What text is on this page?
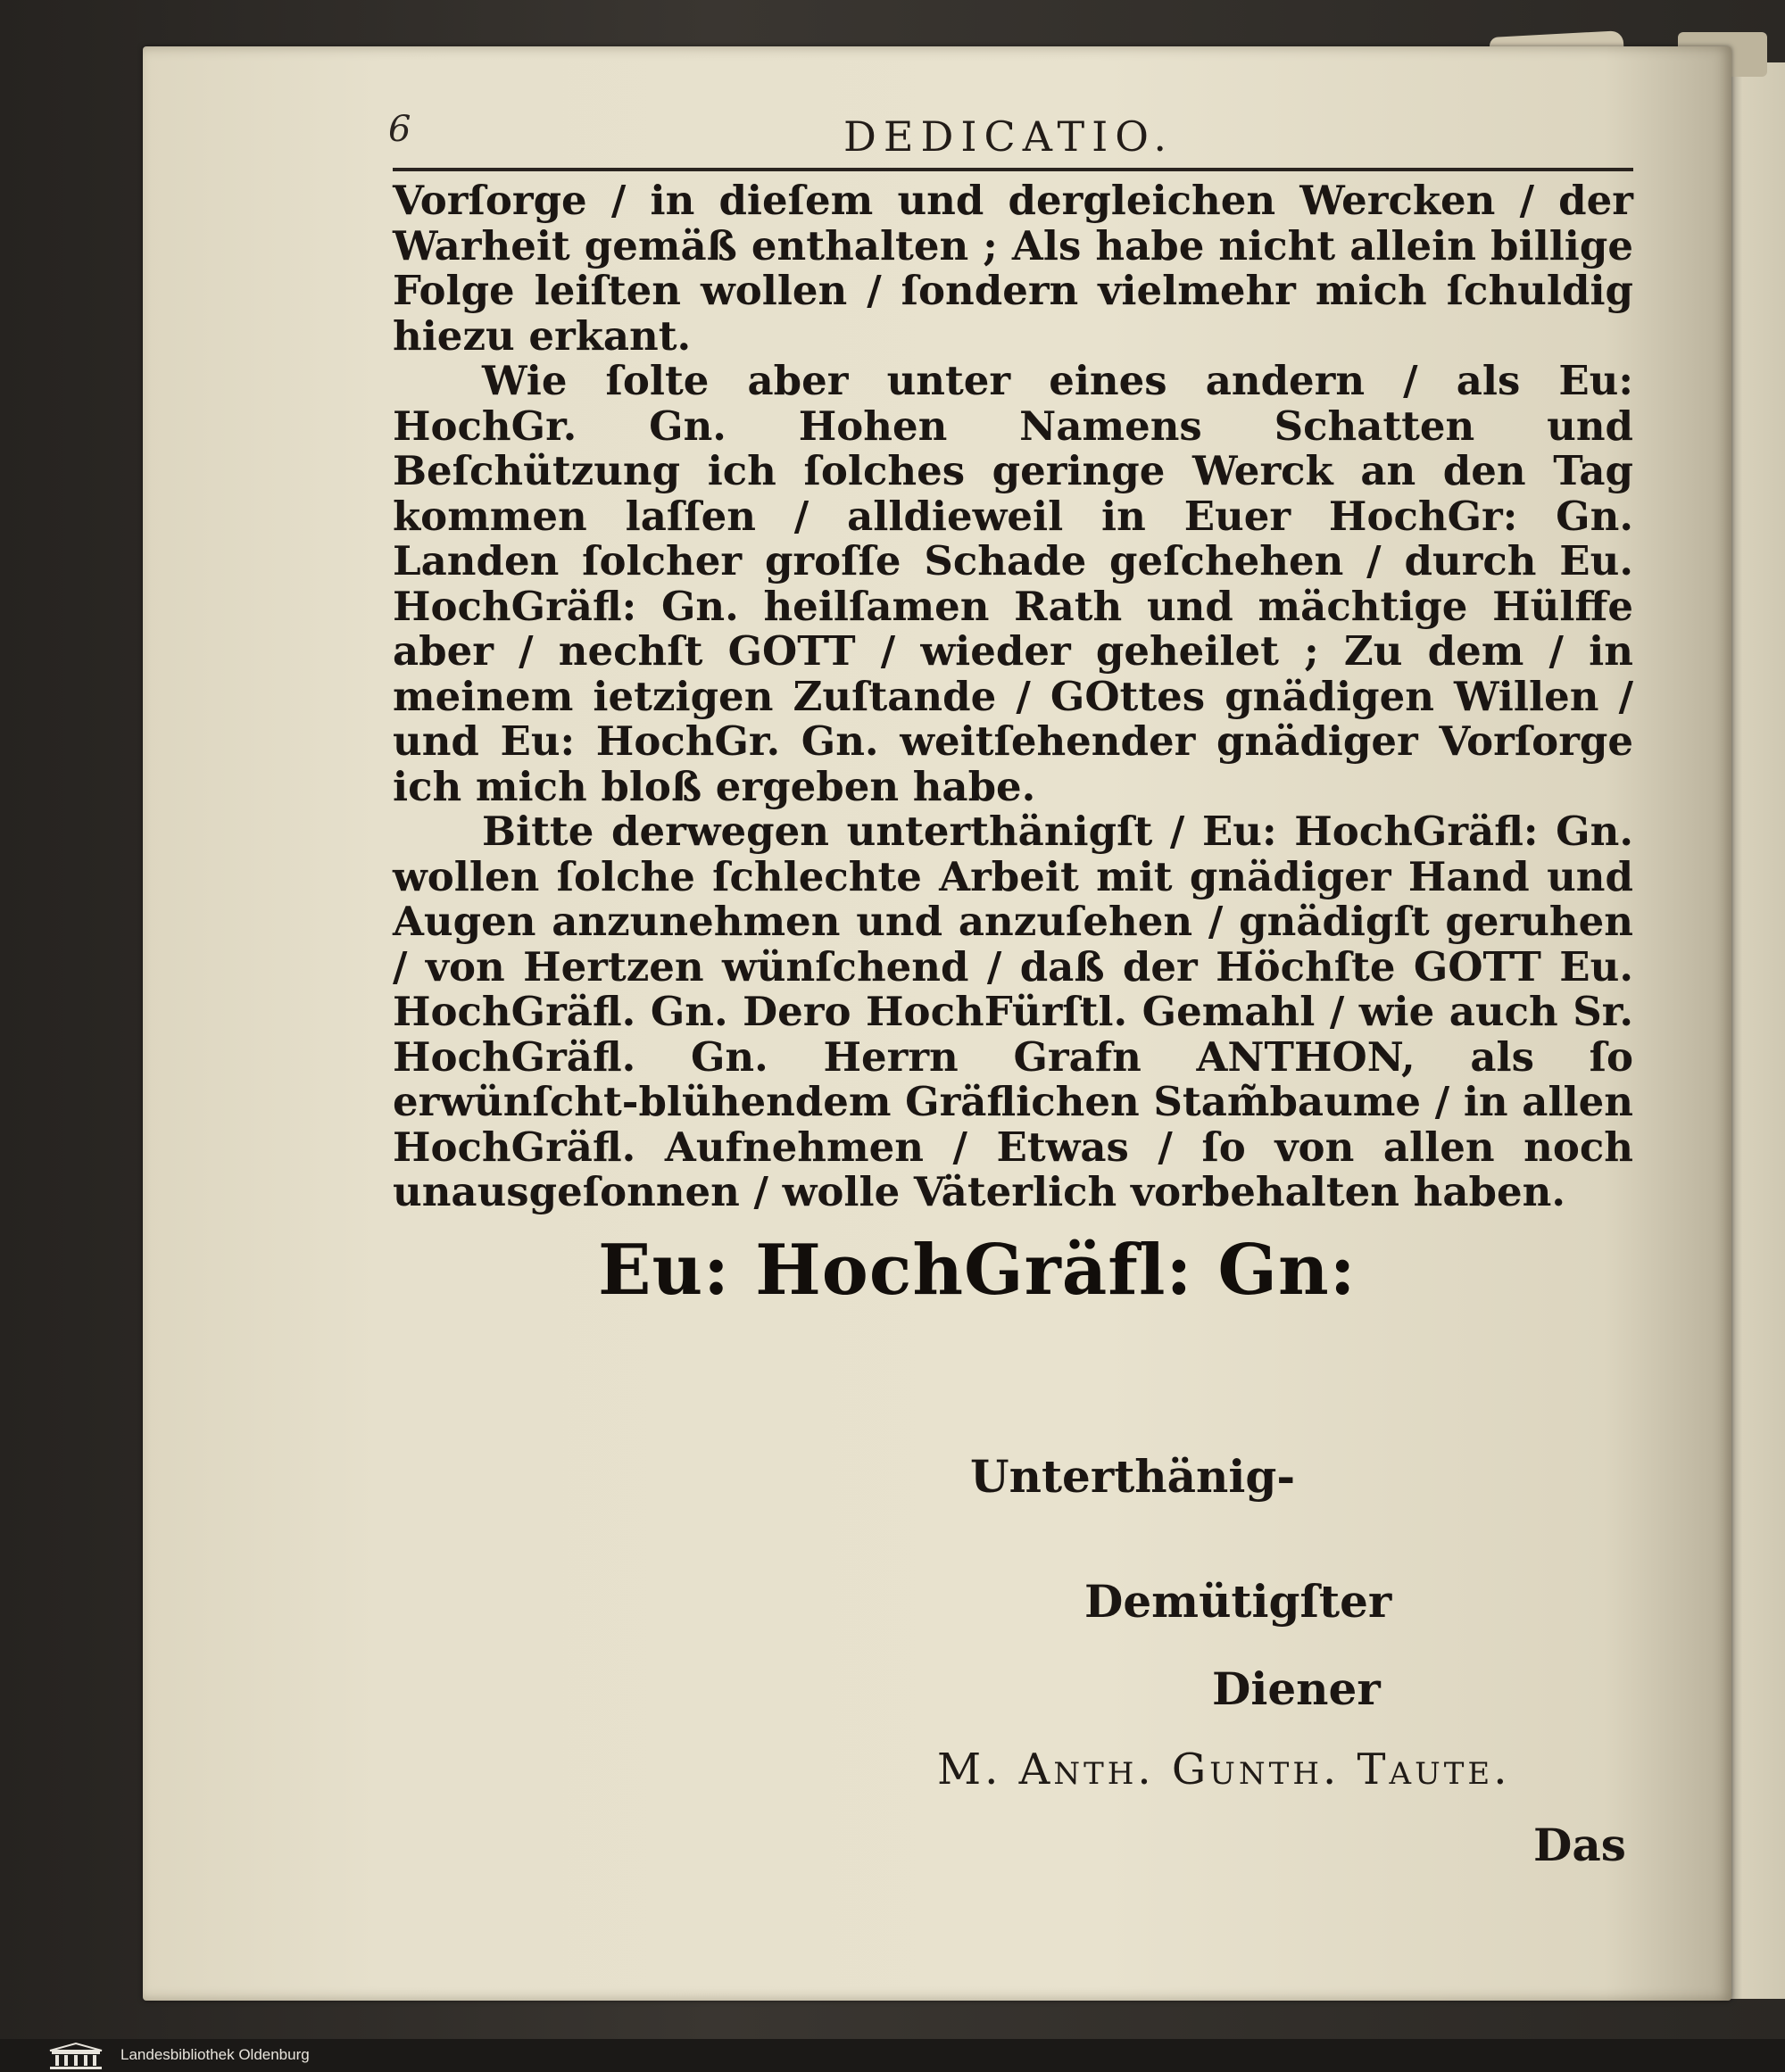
6	DEDICATIO.

Vorſorge / in dieſem und dergleichen Wercken / der Warheit gemäß enthalten ; Als habe nicht allein billige Folge leiſten wollen / ſondern vielmehr mich ſchuldig hiezu erkant.

Wie ſolte aber unter eines andern / als Eu: HochGr. Gn. Hohen Namens Schatten und Beſchützung ich ſolches geringe Werck an den Tag kommen laſſen / alldieweil in Euer HochGr: Gn. Landen ſolcher groſſe Schade geſchehen / durch Eu. HochGräfl: Gn. heilſamen Rath und mächtige Hülffe aber / nechſt GOTT / wieder geheilet ; Zu dem / in meinem ietzigen Zuſtande / GOttes gnädigen Willen / und Eu: HochGr. Gn. weitſehender gnädiger Vorſorge ich mich bloß ergeben habe.

Bitte derwegen unterthänigſt / Eu: HochGräfl: Gn. wollen ſolche ſchlechte Arbeit mit gnädiger Hand und Augen anzunehmen und anzuſehen / gnädigſt geruhen / von Hertzen wünſchend / daß der Höchſte GOTT Eu. HochGräfl. Gn. Dero HochFürſtl. Gemahl / wie auch Sr. HochGräfl. Gn. Herrn Grafn ANTHON, als ſo erwünſcht-blühendem Gräflichen Stam̃baume / in allen HochGräfl. Aufnehmen / Etwas / ſo von allen noch unausgeſonnen / wolle Väterlich vorbehalten haben.

Eu: HochGräfl: Gn:
Unterthänig-
Demütigſter
Diener
M. Anth. Gunth. Taute.
Das
Landesbibliothek Oldenburg
